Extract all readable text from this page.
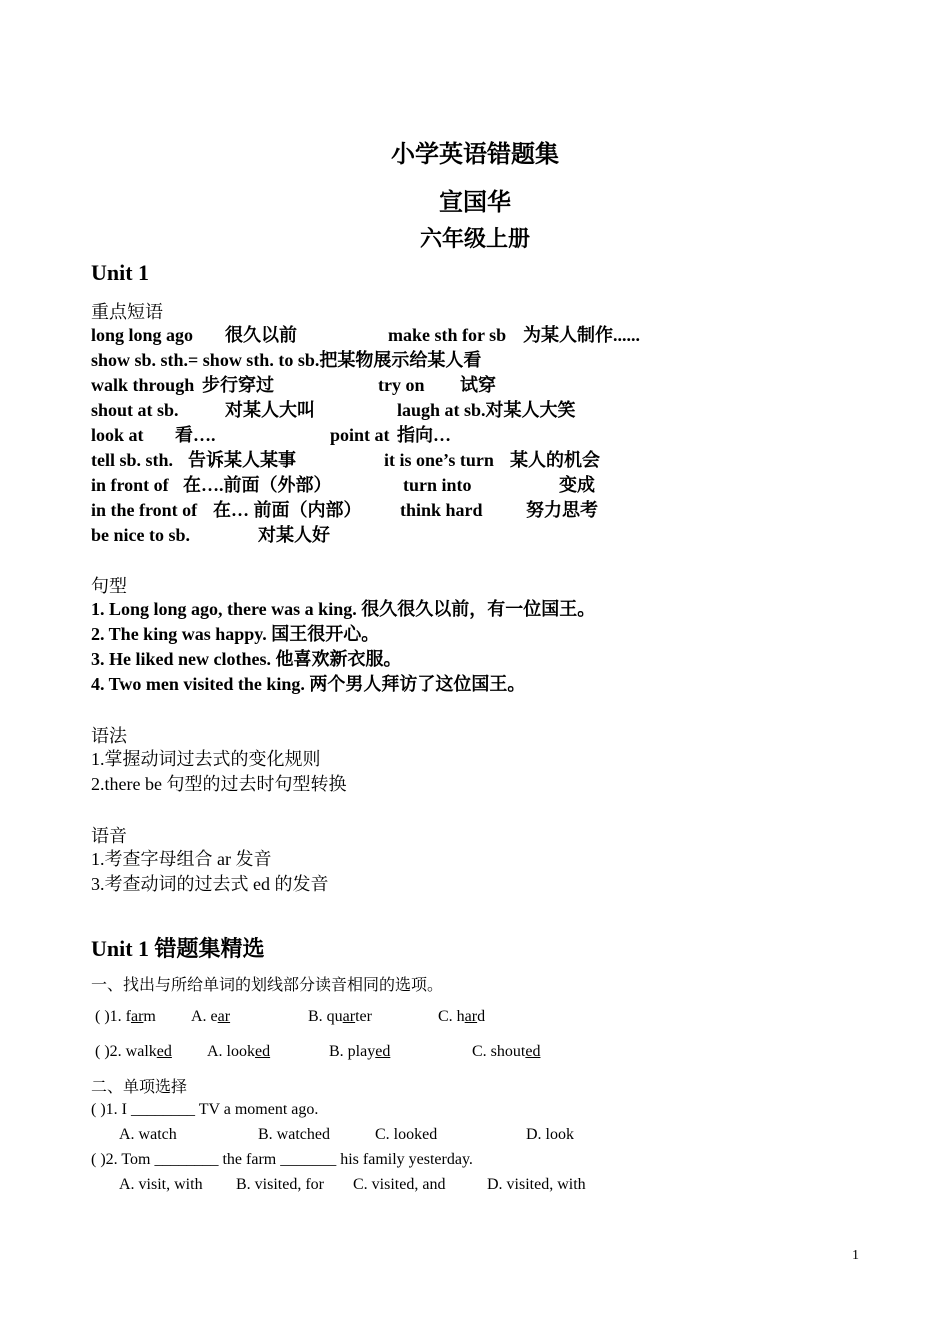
小学英语错题集
宣国华
六年级上册
Unit 1
重点短语
long long ago 很久以前	make sth for sb 为某人制作......
show sb. sth.= show sth. to sb.把某物展示给某人看
walk through 步行穿过	try on 试穿
shout at sb.	对某人大叫	laugh at sb.对某人大笑
look at 看….	point at 指向…
tell sb. sth. 告诉某人某事	it is one’s turn 某人的机会
in front of 在….前面（外部）	turn into	变成
in the front of 在… 前面（内部） think hard 努力思考
be nice to sb.	对某人好
句型
1. Long long ago, there was a king. 很久很久以前，有一位国王。
2. The king was happy. 国王很开心。
3. He liked new clothes. 他喜欢新衣服。
4. Two men visited the king. 两个男人拜访了这位国王。
语法
1.掌握动词过去式的变化规则
2.there be 句型的过去时句型转换
语音
1.考查字母组合 ar 发音
3.考查动词的过去式 ed 的发音
Unit 1 错题集精选
一、找出与所给单词的划线部分读音相同的选项。
( )1. farm A. ear	B. quarter	C. hard
( )2. walked A. looked	B. played	C. shouted
二、单项选择
( )1. I ________ TV a moment ago.
A. watch	B. watched	C. looked	D. look
( )2. Tom ________ the farm _______ his family yesterday.
A. visit, with B. visited, for C. visited, and	D. visited, with
1
